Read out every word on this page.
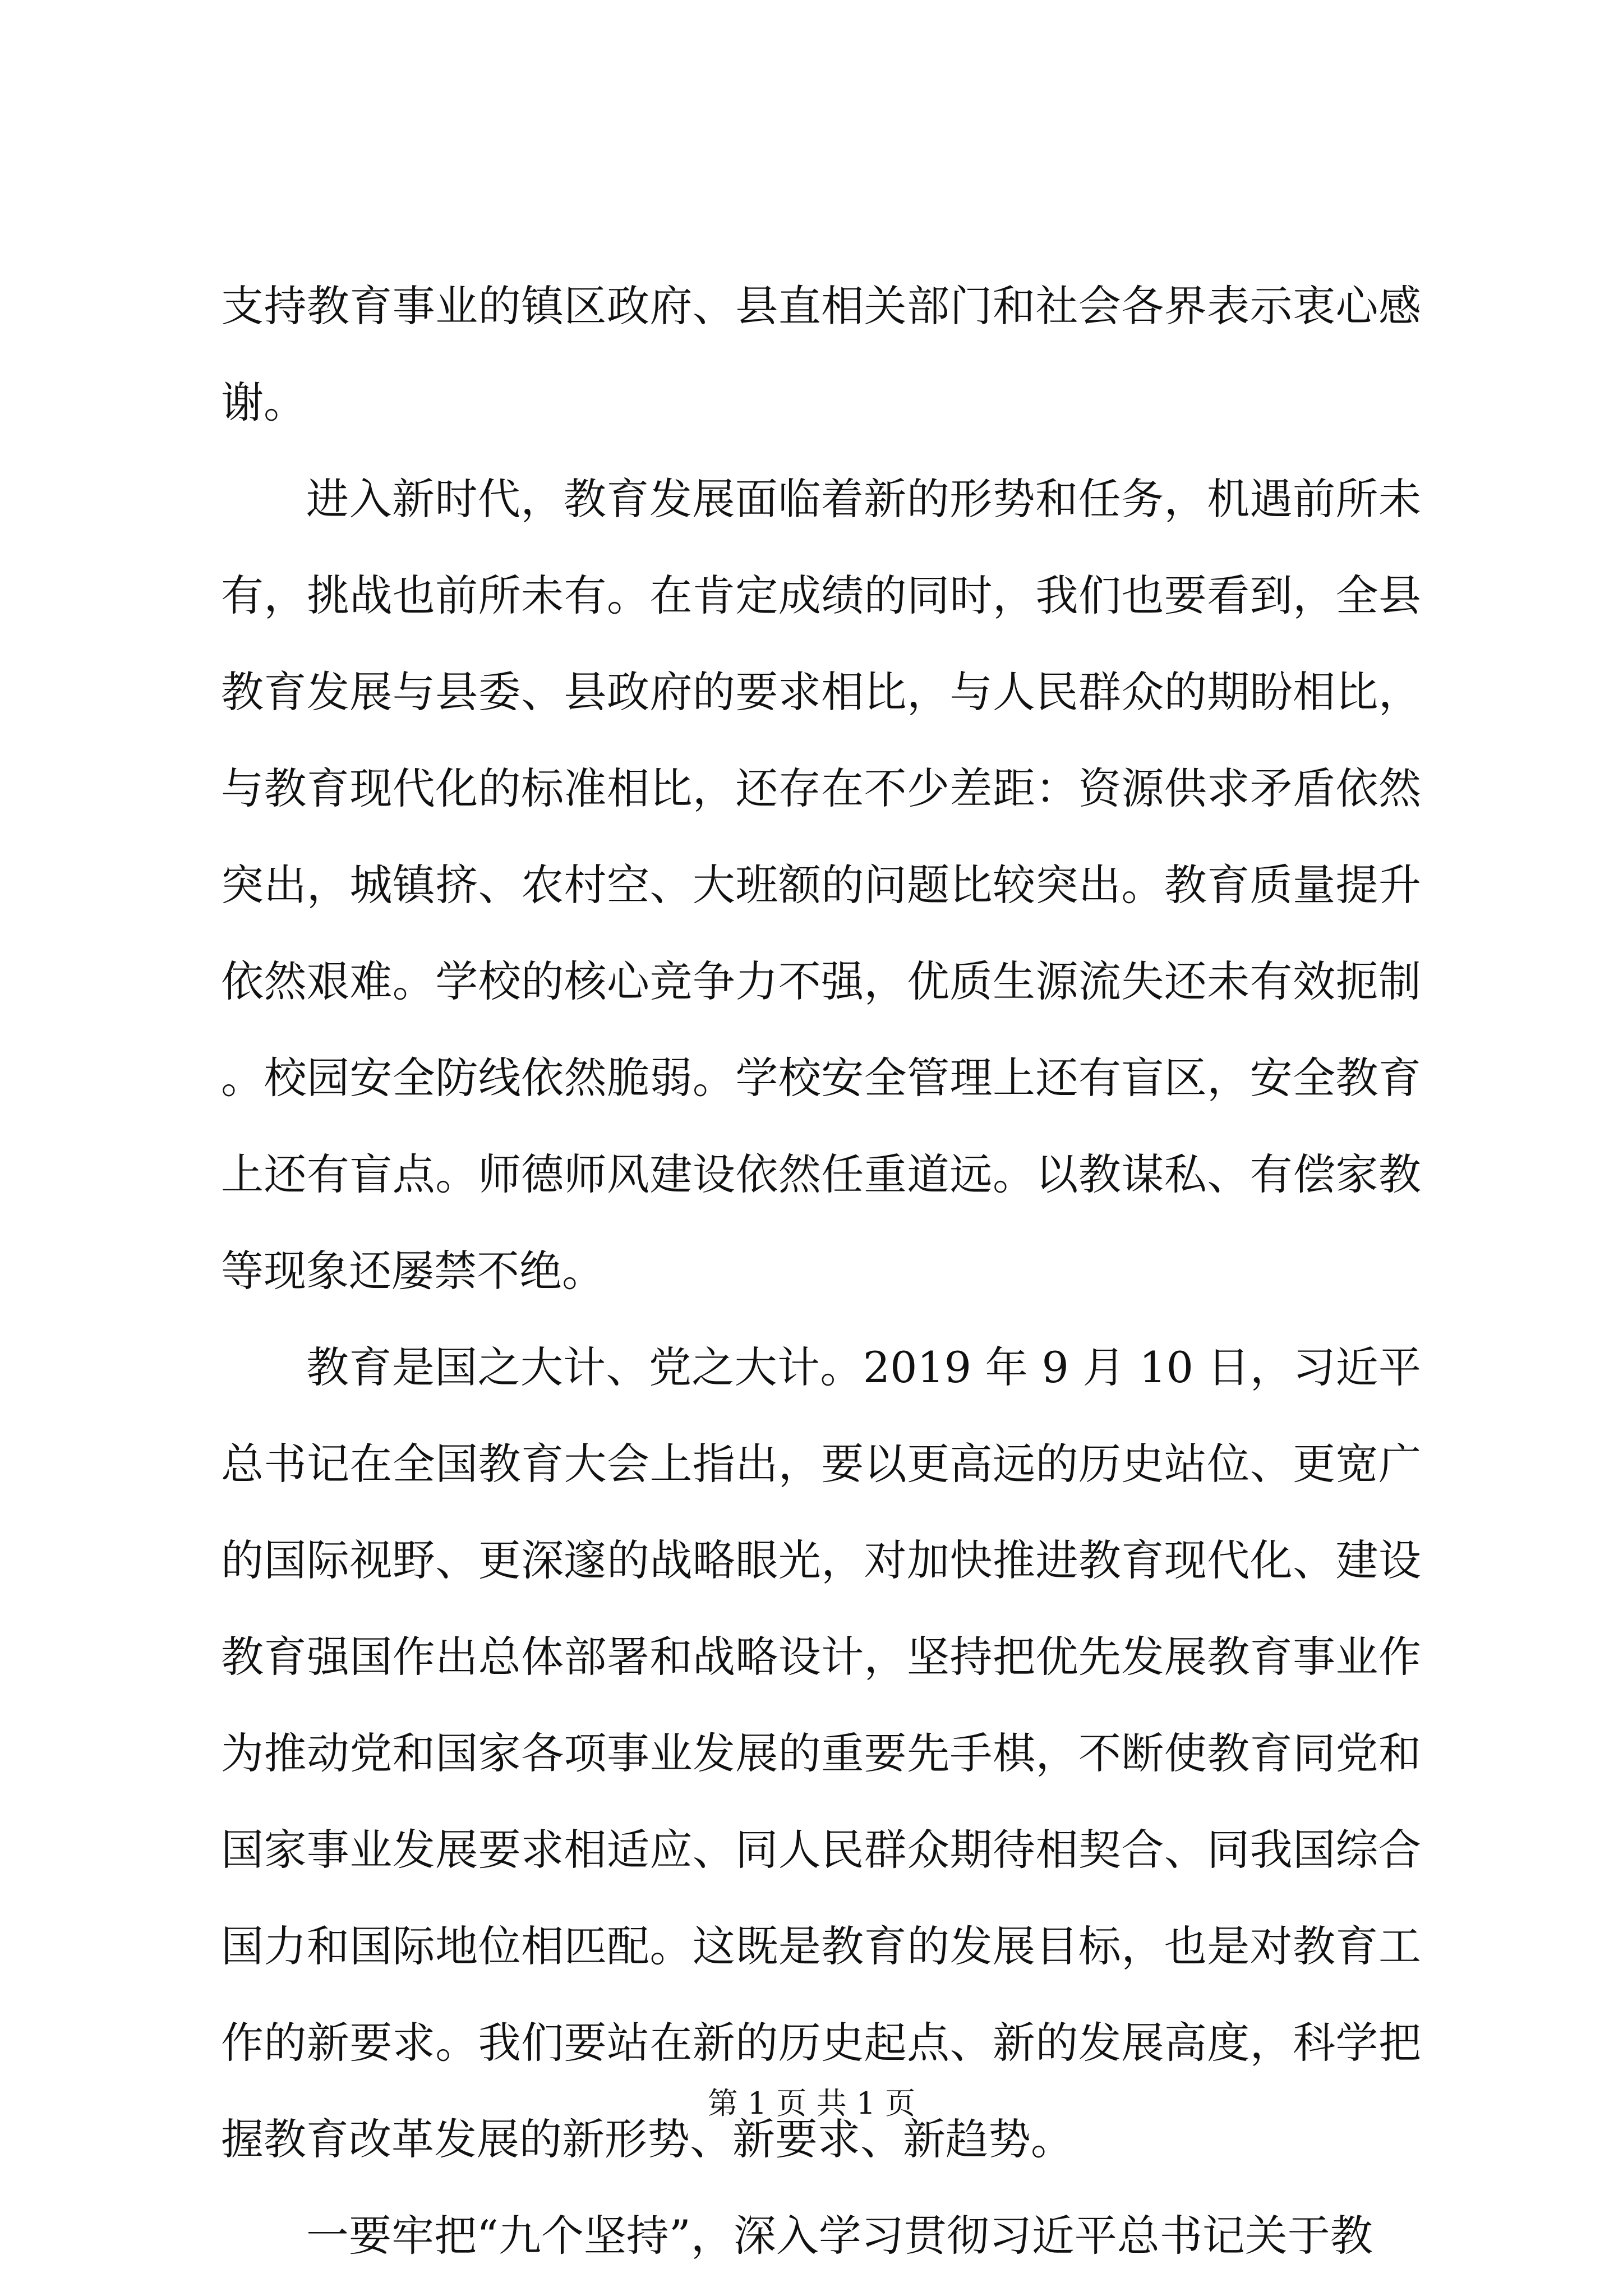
支持教育事业的镇区政府、县直相关部门和社会各界表示衷心感谢。

进入新时代，教育发展面临着新的形势和任务，机遇前所未有，挑战也前所未有。在肯定成绩的同时，我们也要看到，全县教育发展与县委、县政府的要求相比，与人民群众的期盼相比，与教育现代化的标准相比，还存在不少差距：资源供求矛盾依然突出，城镇挤、农村空、大班额的问题比较突出。教育质量提升依然艰难。学校的核心竞争力不强，优质生源流失还未有效扼制。校园安全防线依然脆弱。学校安全管理上还有盲区，安全教育上还有盲点。师德师风建设依然任重道远。以教谋私、有偿家教等现象还屡禁不绝。

教育是国之大计、党之大计。2019 年 9 月 10 日，习近平总书记在全国教育大会上指出，要以更高远的历史站位、更宽广的国际视野、更深邃的战略眼光，对加快推进教育现代化、建设教育强国作出总体部署和战略设计，坚持把优先发展教育事业作为推动党和国家各项事业发展的重要先手棋，不断使教育同党和国家事业发展要求相适应、同人民群众期待相契合、同我国综合国力和国际地位相匹配。这既是教育的发展目标，也是对教育工作的新要求。我们要站在新的历史起点、新的发展高度，科学把握教育改革发展的新形势、新要求、新趋势。

一要牢把“九个坚持”，深入学习贯彻习近平总书记关于教

第 1 页 共 1 页
